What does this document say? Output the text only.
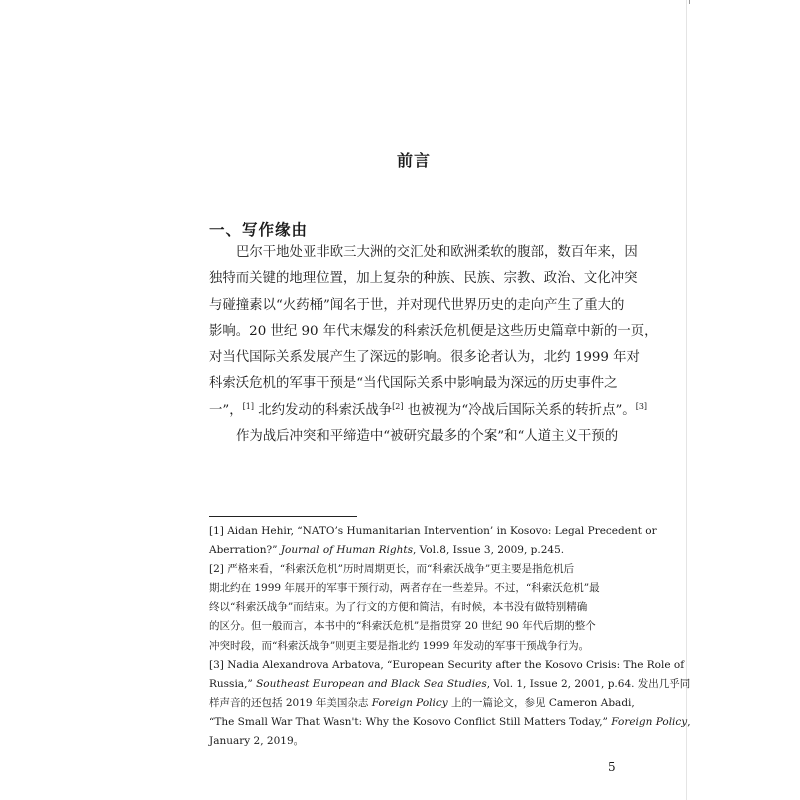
前言
一、写作缘由
巴尔干地处亚非欧三大洲的交汇处和欧洲柔软的腹部，数百年来，因
独特而关键的地理位置，加上复杂的种族、民族、宗教、政治、文化冲突
与碰撞素以“火药桶”闻名于世，并对现代世界历史的走向产生了重大的
影响。20 世纪 90 年代末爆发的科索沃危机便是这些历史篇章中新的一页，
对当代国际关系发展产生了深远的影响。很多论者认为，北约 1999 年对
科索沃危机的军事干预是“当代国际关系中影响最为深远的历史事件之
一”，[1] 北约发动的科索沃战争[2] 也被视为“冷战后国际关系的转折点”。[3]
作为战后冲突和平缔造中“被研究最多的个案”和“人道主义干预的
[1] Aidan Hehir, “NATO’s Humanitarian Intervention’ in Kosovo: Legal Precedent or
Aberration?” Journal of Human Rights, Vol.8, Issue 3, 2009, p.245.
[2] 严格来看，“科索沃危机”历时周期更长，而“科索沃战争”更主要是指危机后
期北约在 1999 年展开的军事干预行动，两者存在一些差异。不过，“科索沃危机”最
终以“科索沃战争”而结束。为了行文的方便和简洁，有时候，本书没有做特别精确
的区分。但一般而言，本书中的“科索沃危机”是指贯穿 20 世纪 90 年代后期的整个
冲突时段，而“科索沃战争”则更主要是指北约 1999 年发动的军事干预战争行为。
[3] Nadia Alexandrova Arbatova, “European Security after the Kosovo Crisis: The Role of
Russia,” Southeast European and Black Sea Studies, Vol. 1, Issue 2, 2001, p.64. 发出几乎同
样声音的还包括 2019 年美国杂志 Foreign Policy 上的一篇论文，参见 Cameron Abadi,
“The Small War That Wasn't: Why the Kosovo Conflict Still Matters Today,” Foreign Policy,
January 2, 2019。
5
